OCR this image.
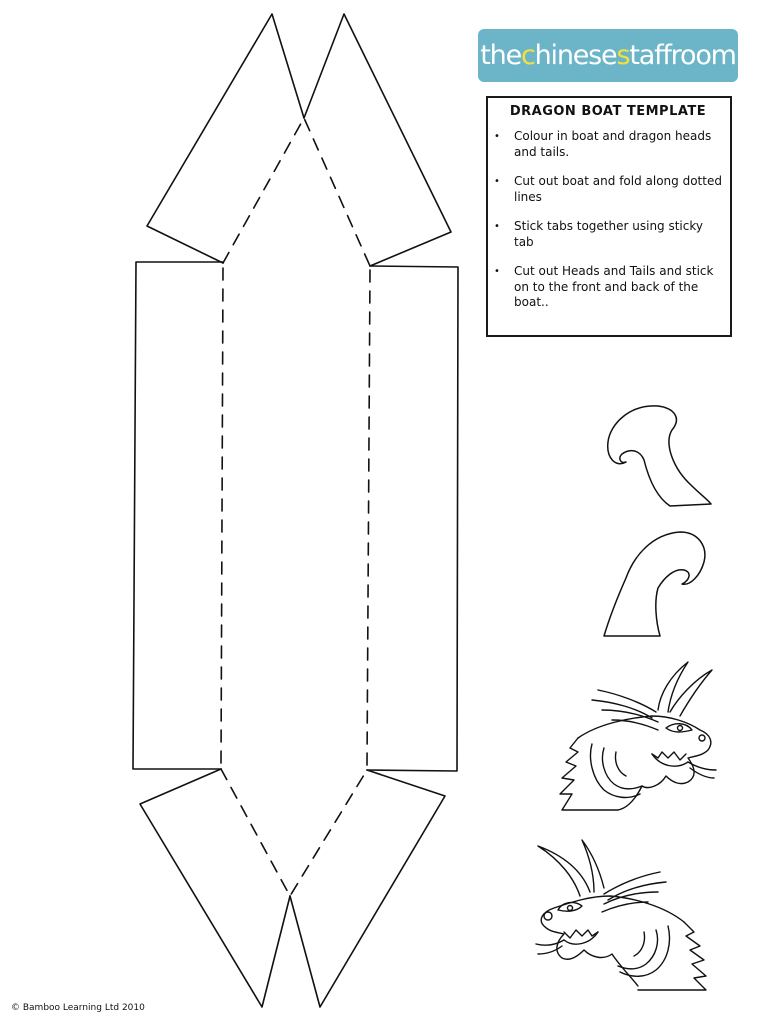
the c hinese s taffroom
DRAGON BOAT TEMPLATE
• Colour in boat and dragon heads and tails.
• Cut out boat and fold along dotted lines
• Stick tabs together using sticky tab
• Cut out Heads and Tails and stick on to the front and back of the boat..
© Bamboo Learning Ltd 2010
